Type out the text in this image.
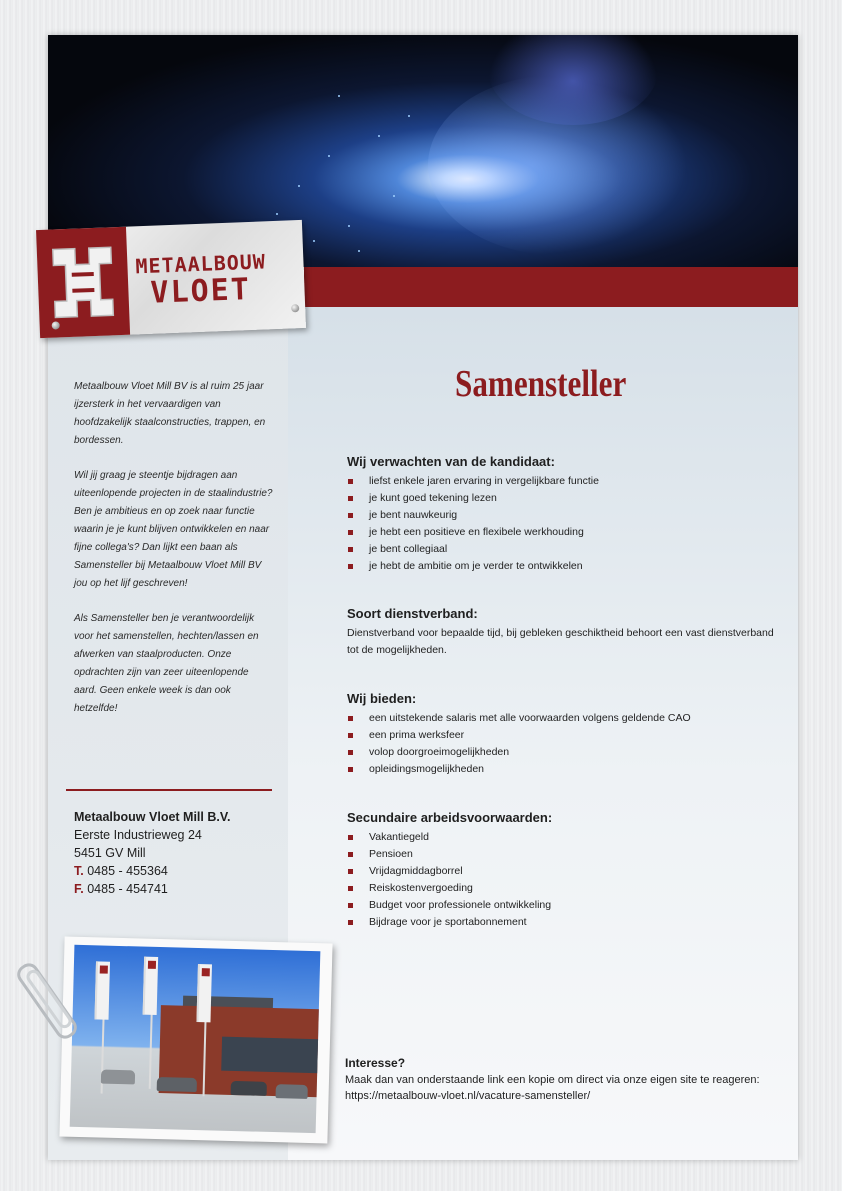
METAALBOUW
VLOET

Metaalbouw Vloet Mill BV is al ruim 25 jaar ijzersterk in het vervaardigen van hoofdzakelijk staalconstructies, trappen, en bordessen.

Wil jij graag je steentje bijdragen aan uiteenlopende projecten in de staalindustrie? Ben je ambitieus en op zoek naar functie waarin je je kunt blijven ontwikkelen en naar fijne collega's? Dan lijkt een baan als Samensteller bij Metaalbouw Vloet Mill BV jou op het lijf geschreven!

Als Samensteller ben je verantwoordelijk voor het samenstellen, hechten/lassen en afwerken van staalproducten. Onze opdrachten zijn van zeer uiteenlopende aard. Geen enkele week is dan ook hetzelfde!

Metaalbouw Vloet Mill B.V.
Eerste Industrieweg 24
5451 GV Mill
T. 0485 - 455364
F. 0485 - 454741
Samensteller
Wij verwachten van de kandidaat:
liefst enkele jaren ervaring in vergelijkbare functie
je kunt goed tekening lezen
je bent nauwkeurig
je hebt een positieve en flexibele werkhouding
je bent collegiaal
je hebt de ambitie om je verder te ontwikkelen
Soort dienstverband:

Dienstverband voor bepaalde tijd, bij gebleken geschiktheid behoort een vast dienstverband tot de mogelijkheden.

Wij bieden:
een uitstekende salaris met alle voorwaarden volgens geldende CAO
een prima werksfeer
volop doorgroeimogelijkheden
opleidingsmogelijkheden
Secundaire arbeidsvoorwaarden:
Vakantiegeld
Pensioen
Vrijdagmiddagborrel
Reiskostenvergoeding
Budget voor professionele ontwikkeling
Bijdrage voor je sportabonnement
Interesse?

Maak dan van onderstaande link een kopie om direct via onze eigen site te reageren:

https://metaalbouw-vloet.nl/vacature-samensteller/
